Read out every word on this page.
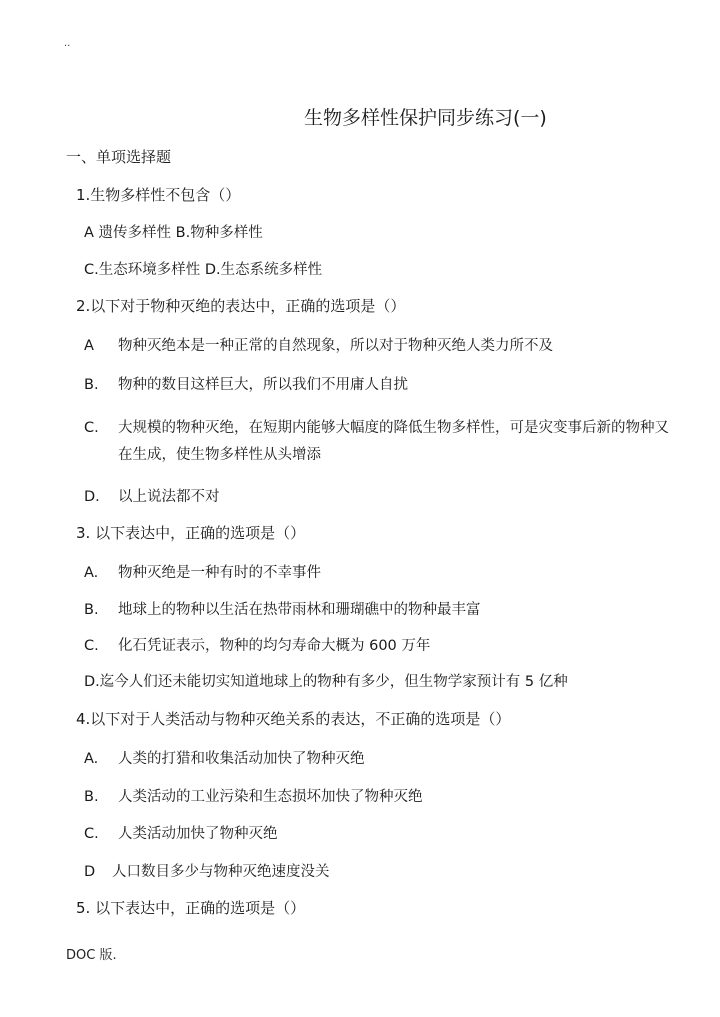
..
生物多样性保护同步练习(一)
一、单项选择题
1.生物多样性不包含（）
A 遗传多样性 B.物种多样性
C.生态环境多样性 D.生态系统多样性
2.以下对于物种灭绝的表达中，正确的选项是（）
A 物种灭绝本是一种正常的自然现象，所以对于物种灭绝人类力所不及
B. 物种的数目这样巨大，所以我们不用庸人自扰
C.	大规模的物种灭绝，在短期内能够大幅度的降低生物多样性，可是灾变事后新的物种又在生成，使生物多样性从头增添
D. 以上说法都不对
3. 以下表达中，正确的选项是（）
A. 物种灭绝是一种有时的不幸事件
B. 地球上的物种以生活在热带雨林和珊瑚礁中的物种最丰富
C. 化石凭证表示，物种的均匀寿命大概为 600 万年
D.迄今人们还未能切实知道地球上的物种有多少，但生物学家预计有 5 亿种
4.以下对于人类活动与物种灭绝关系的表达，不正确的选项是（）
A. 人类的打猎和收集活动加快了物种灭绝
B. 人类活动的工业污染和生态损坏加快了物种灭绝
C. 人类活动加快了物种灭绝
D 人口数目多少与物种灭绝速度没关
5. 以下表达中，正确的选项是（）
DOC 版.
